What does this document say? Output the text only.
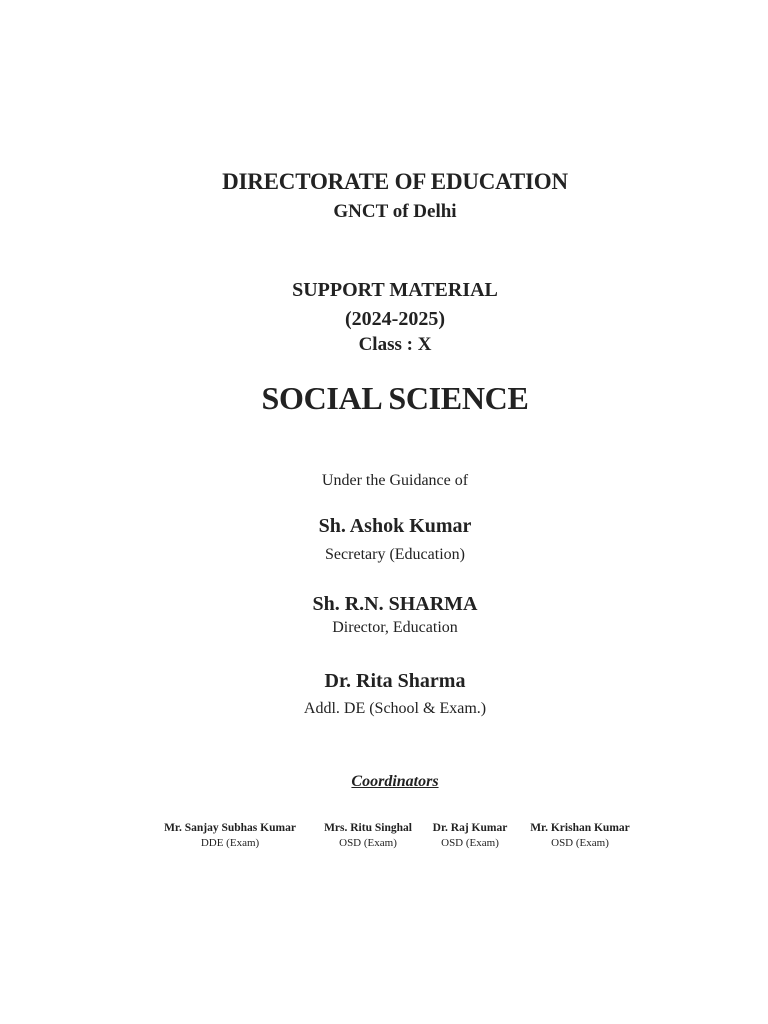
DIRECTORATE OF EDUCATION
GNCT of Delhi
SUPPORT MATERIAL
(2024-2025)
Class : X
SOCIAL SCIENCE
Under the Guidance of
Sh. Ashok Kumar
Secretary (Education)
Sh. R.N. SHARMA
Director, Education
Dr. Rita Sharma
Addl. DE (School & Exam.)
Coordinators
Mr. Sanjay Subhas Kumar
DDE (Exam)
Mrs. Ritu Singhal
OSD (Exam)
Dr. Raj Kumar
OSD (Exam)
Mr. Krishan Kumar
OSD (Exam)
